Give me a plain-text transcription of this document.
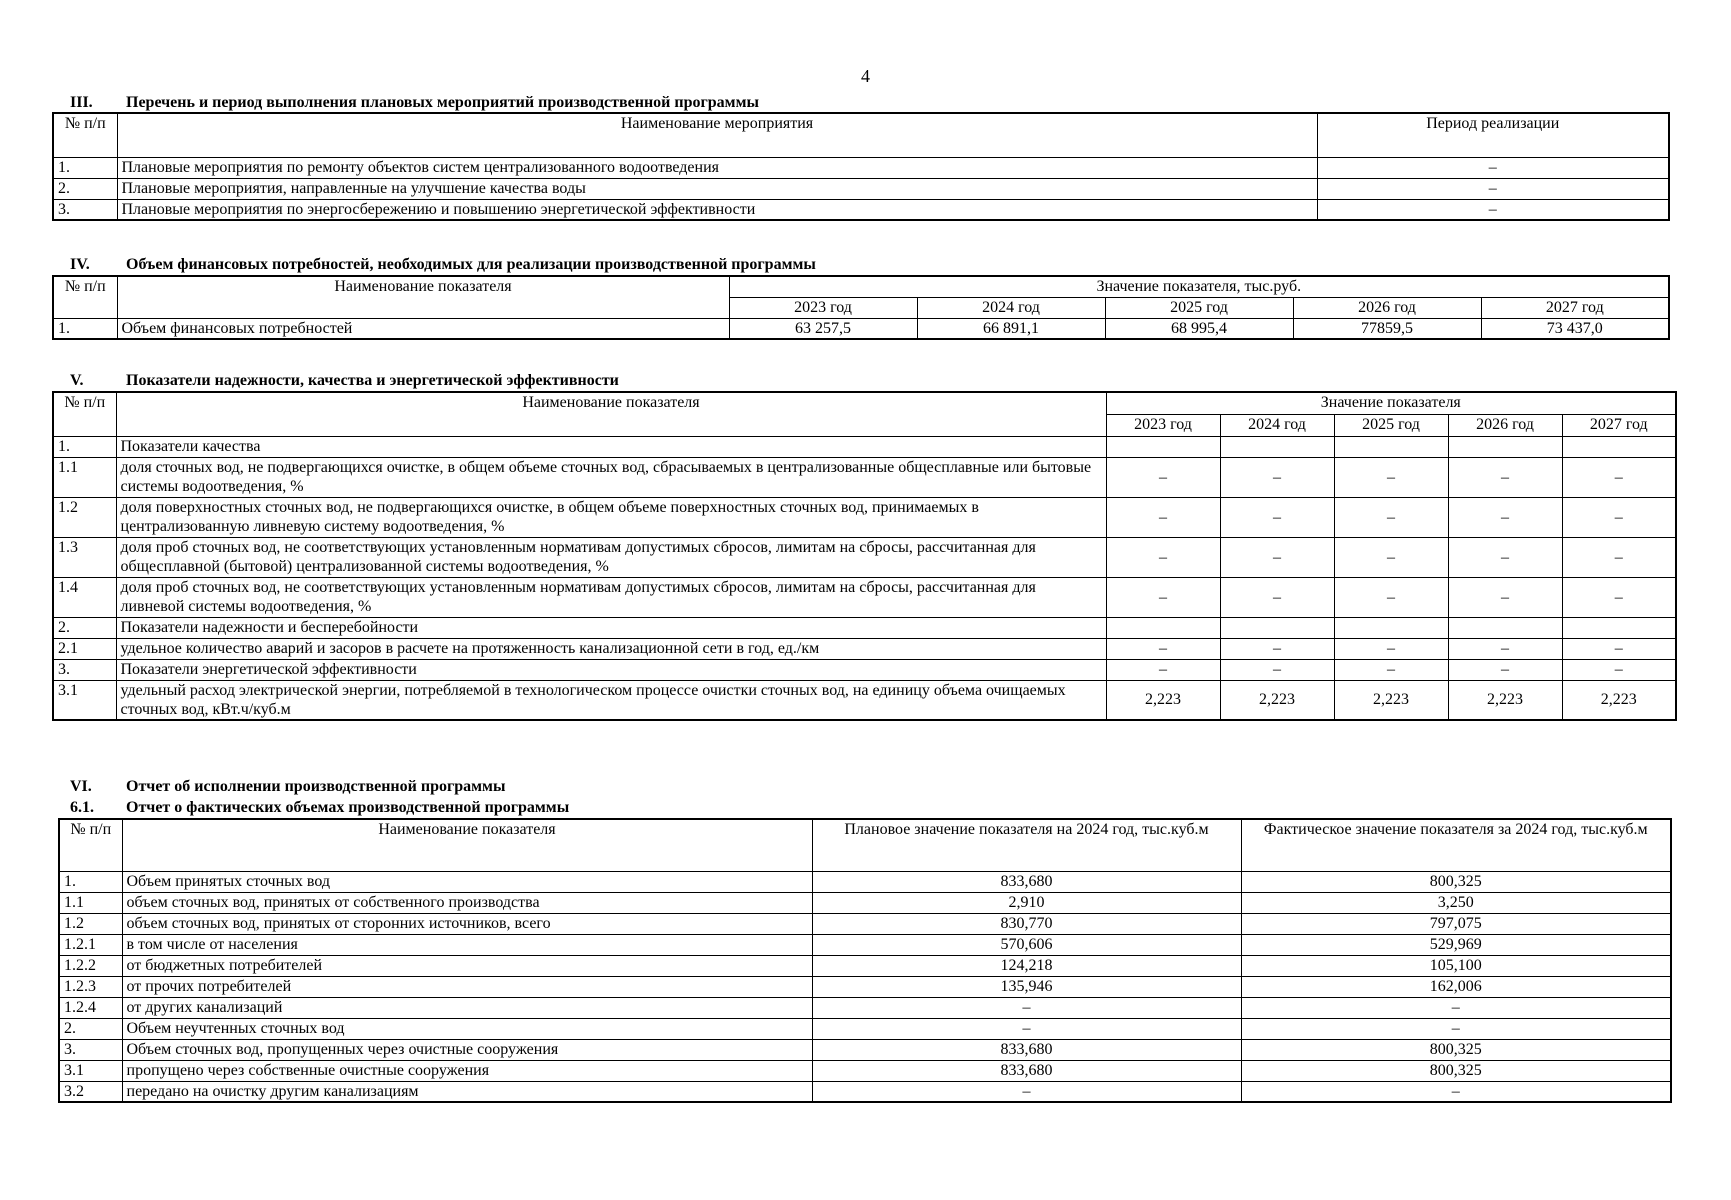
4
III. Перечень и период выполнения плановых мероприятий производственной программы
№ п/п	Наименование мероприятия	Период реализации
1.	Плановые мероприятия по ремонту объектов систем централизованного водоотведения	–
2.	Плановые мероприятия, направленные на улучшение качества воды	–
3.	Плановые мероприятия по энергосбережению и повышению энергетической эффективности	–
IV. Объем финансовых потребностей, необходимых для реализации производственной программы
№ п/п	Наименование показателя	Значение показателя, тыс.руб.				
		2023 год	2024 год	2025 год	2026 год	2027 год
1.	Объем финансовых потребностей	63 257,5	66 891,1	68 995,4	77859,5	73 437,0
V.	Показатели надежности, качества и энергетической эффективности
№ п/п	Наименование показателя	Значение показателя				
		2023 год	2024 год	2025 год	2026 год	2027 год
1.	Показатели качества					
1.1	доля сточных вод, не подвергающихся очистке, в общем объеме сточных вод, сбрасываемых в централизованные общесплавные или бытовые системы водоотведения, %	–	–	–	–	–
1.2	доля поверхностных сточных вод, не подвергающихся очистке, в общем объеме поверхностных сточных вод, принимаемых в централизованную ливневую систему водоотведения, %	–	–	–	–	–
1.3	доля проб сточных вод, не соответствующих установленным нормативам допустимых сбросов, лимитам на сбросы, рассчитанная для общесплавной (бытовой) централизованной системы водоотведения, %	–	–	–	–	–
1.4	доля проб сточных вод, не соответствующих установленным нормативам допустимых сбросов, лимитам на сбросы, рассчитанная для ливневой системы водоотведения, %	–	–	–	–	–
2.	Показатели надежности и бесперебойности					
2.1	удельное количество аварий и засоров в расчете на протяженность канализационной сети в год, ед./км	–	–	–	–	–
3.	Показатели энергетической эффективности	–	–	–	–	–
3.1	удельный расход электрической энергии, потребляемой в технологическом процессе очистки сточных вод, на единицу объема очищаемых сточных вод, кВт.ч/куб.м	2,223	2,223	2,223	2,223	2,223
VI. Отчет об исполнении производственной программы
6.1. Отчет о фактических объемах производственной программы
№ п/п	Наименование показателя	Плановое значение показателя на 2024 год, тыс.куб.м	Фактическое значение показателя за 2024 год, тыс.куб.м
1.	Объем принятых сточных вод	833,680	800,325
1.1	объем сточных вод, принятых от собственного производства	2,910	3,250
1.2	объем сточных вод, принятых от сторонних источников, всего	830,770	797,075
1.2.1	в том числе от населения	570,606	529,969
1.2.2	от бюджетных потребителей	124,218	105,100
1.2.3	от прочих потребителей	135,946	162,006
1.2.4	от других канализаций	–	–
2.	Объем неучтенных сточных вод	–	–
3.	Объем сточных вод, пропущенных через очистные сооружения	833,680	800,325
3.1	пропущено через собственные очистные сооружения	833,680	800,325
3.2	передано на очистку другим канализациям	–	–
